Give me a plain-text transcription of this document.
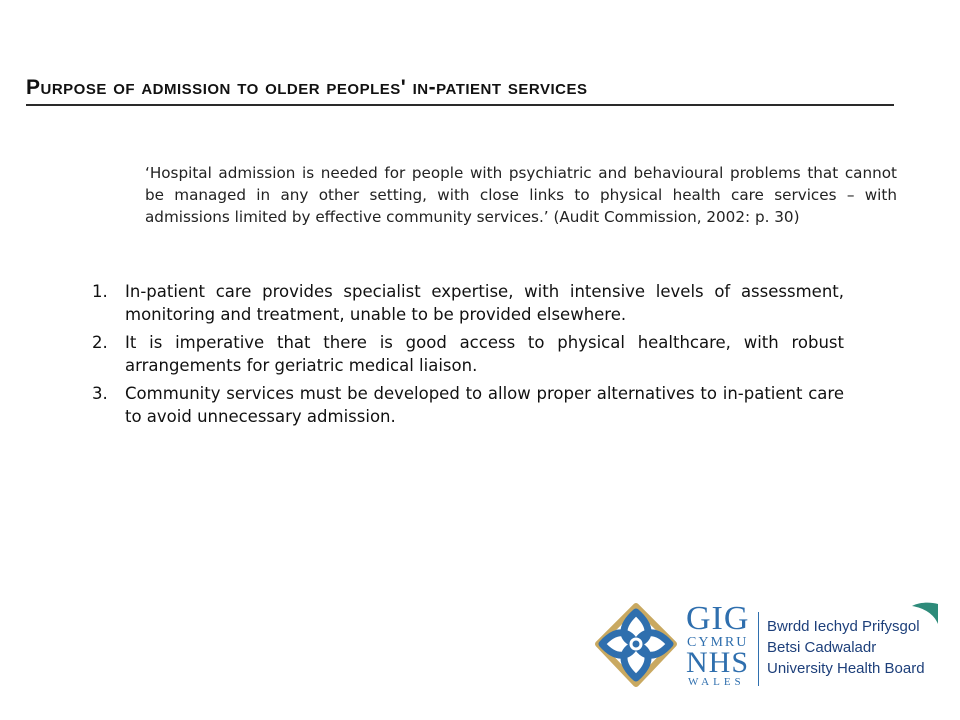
Purpose of admission to older peoples' in-patient services
‘Hospital admission is needed for people with psychiatric and behavioural problems that cannot be managed in any other setting, with close links to physical health care services – with admissions limited by effective community services.’ (Audit Commission, 2002: p. 30)
1. In-patient care provides specialist expertise, with intensive levels of assessment, monitoring and treatment, unable to be provided elsewhere.
2. It is imperative that there is good access to physical healthcare, with robust arrangements for geriatric medical liaison.
3. Community services must be developed to allow proper alternatives to in-patient care to avoid unnecessary admission.
GIG
CYMRU
NHS
WALES
Bwrdd Iechyd Prifysgol
Betsi Cadwaladr
University Health Board
